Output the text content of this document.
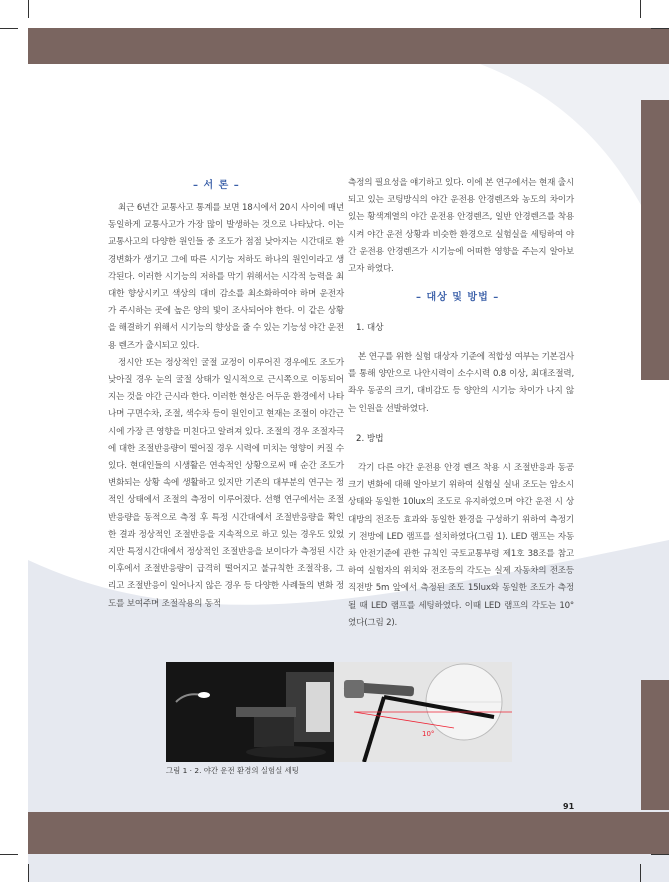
– 서 론 –

최근 6년간 교통사고 통계를 보면 18시에서 20시 사이에 매년 동일하게 교통사고가 가장 많이 발생하는 것으로 나타났다. 이는 교통사고의 다양한 원인들 중 조도가 점점 낮아지는 시간대로 환경변화가 생기고 그에 따른 시기능 저하도 하나의 원인이라고 생각된다. 이러한 시기능의 저하를 막기 위해서는 시각적 능력을 최대한 향상시키고 색상의 대비 감소를 최소화하여야 하며 운전자가 주시하는 곳에 높은 양의 빛이 조사되어야 한다. 이 같은 상황을 해결하기 위해서 시기능의 향상을 줄 수 있는 기능성 야간 운전용 렌즈가 출시되고 있다.

정시안 또는 정상적인 굴절 교정이 이루어진 경우에도 조도가 낮아질 경우 눈의 굴절 상태가 일시적으로 근시쪽으로 이동되어 지는 것을 야간 근시라 한다. 이러한 현상은 어두운 환경에서 나타나며 구면수차, 조절, 색수차 등이 원인이고 현재는 조절이 야간근시에 가장 큰 영향을 미친다고 알려져 있다. 조절의 경우 조절자극에 대한 조절반응량이 떨어질 경우 시력에 미치는 영향이 커질 수 있다. 현대인들의 시생활은 연속적인 상황으로써 매 순간 조도가 변화되는 상황 속에 생활하고 있지만 기존의 대부분의 연구는 정적인 상태에서 조절의 측정이 이루어졌다. 선행 연구에서는 조절반응량을 동적으로 측정 후 특정 시간대에서 조절반응량을 확인한 결과 정상적인 조절반응을 지속적으로 하고 있는 경우도 있었지만 특정시간대에서 정상적인 조절반응을 보이다가 측정된 시간 이후에서 조절반응량이 급격히 떨어지고 불규칙한 조절작용, 그리고 조절반응이 일어나지 않은 경우 등 다양한 사례들의 변화 정도를 보여주며 조절작용의 동적

측정의 필요성을 얘기하고 있다. 이에 본 연구에서는 현재 출시되고 있는 코팅방식의 야간 운전용 안경렌즈와 농도의 차이가 있는 황색계열의 야간 운전용 안경렌즈, 일반 안경렌즈를 착용시켜 야간 운전 상황과 비슷한 환경으로 실험실을 세팅하여 야간 운전용 안경렌즈가 시기능에 어떠한 영향을 주는지 알아보고자 하였다.

– 대상 및 방법 –
1. 대상

본 연구를 위한 실험 대상자 기준에 적합성 여부는 기본검사를 통해 양안으로 나안시력이 소수시력 0.8 이상, 최대조절력, 좌우 동공의 크기, 대비감도 등 양안의 시기능 차이가 나지 않는 인원을 선발하였다.

2. 방법

각기 다른 야간 운전용 안경 렌즈 착용 시 조절반응과 동공 크기 변화에 대해 알아보기 위하여 실험실 실내 조도는 암소시 상태와 동일한 10lux의 조도로 유지하였으며 야간 운전 시 상대방의 전조등 효과와 동일한 환경을 구성하기 위하여 측정기기 전방에 LED 램프를 설치하였다(그림 1). LED 램프는 자동차 안전기준에 관한 규칙인 국토교통부령 제1호 38조를 참고하여 실험자의 위치와 전조등의 각도는 실제 자동차의 전조등 직전방 5m 앞에서 측정된 조도 15lux와 동일한 조도가 측정될 때 LED 램프를 세팅하였다. 이때 LED 램프의 각도는 10°였다(그림 2).

10°
그림 1 · 2. 야간 운전 환경의 실험실 세팅
91
